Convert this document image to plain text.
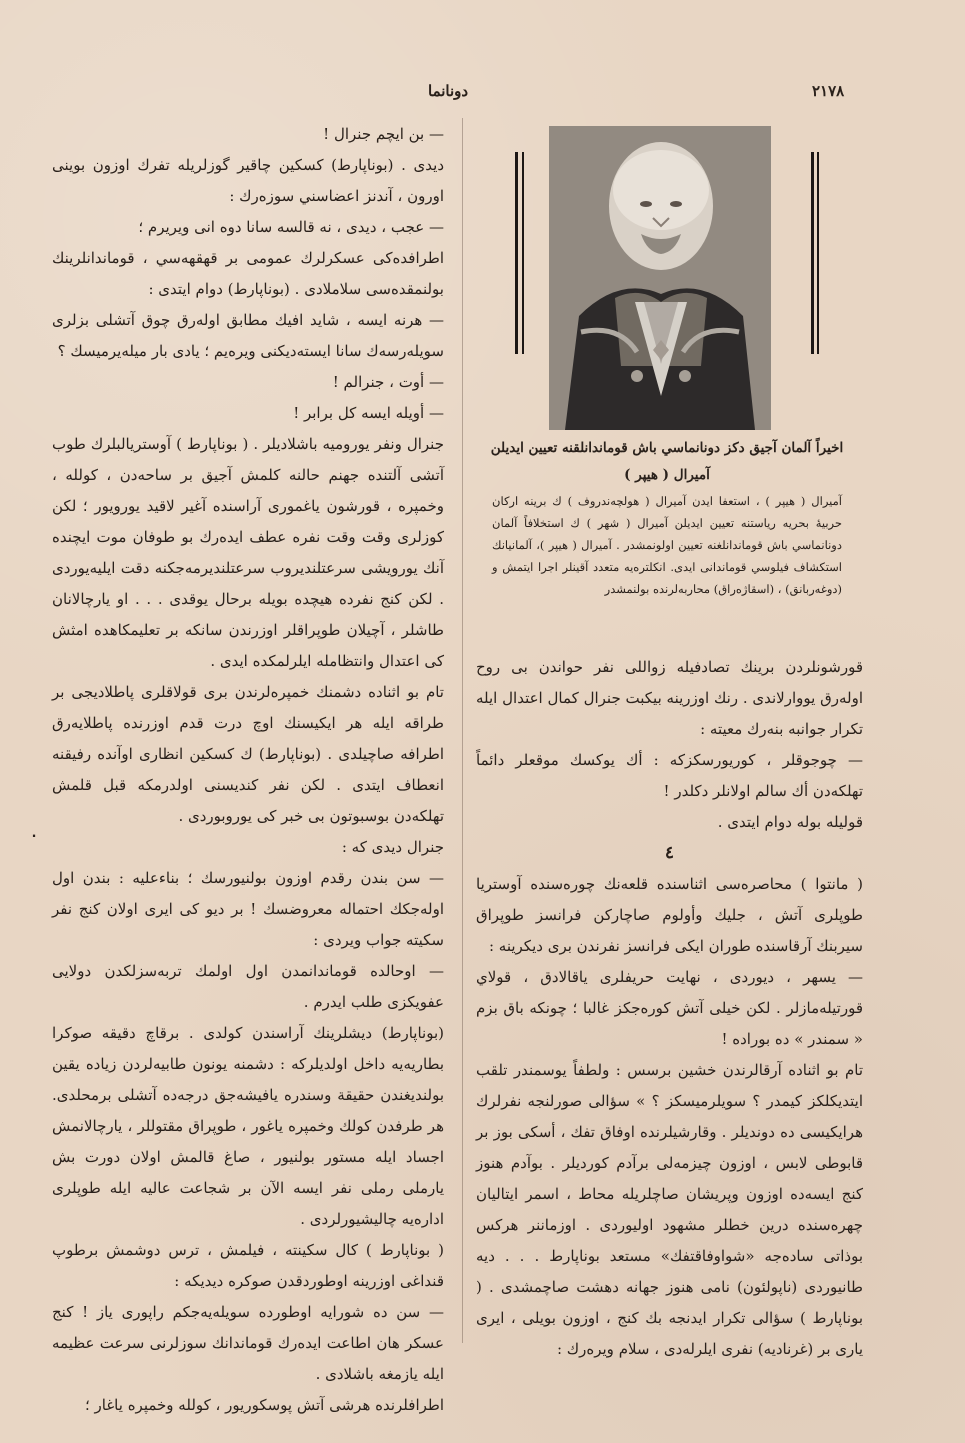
٢١٧٨
دونانما
اخيراً آلمان آجيق دكز دونانماسي باش قوماندانلقنه تعيين ايديلن
آميرال ( هيپر )
آميرال ( هيپر ) ، استعفا ايدن آميرال ( هولچه‌ندروف ) ك برينه اركان حربيهٔ بحريه رياستنه تعيين ايديلن آميرال ( شهر ) ك استخلافاً آلمان دونانماسي باش قوماندانلغنه تعيين اولونمشدر . آميرال ( هيپر )، آلمانيانك استكشاف فيلوسي قوماندانى ايدى. انكلتره‌يه متعدد آقينلر اجرا ايتمش و (دوغه‌ربانق) ، (اسقاژه‌راق) محاربه‌لرنده بولنمشدر

— بن ايچم جنرال !

ديدى . (بوناپارط) كسكين چاقير گوزلريله تفرك اوزون بوينى اورون ، آندنز اعضاسني سوزه‌رك :

— عجب ، ديدى ، نه قالسه سانا دوه انى ويريرم ؛

اطرافده‌كى عسكرلرك عمومى بر قهقهه‌سي ، قوماندانلرينك بولنمقده‌سى سلاملادى . (بوناپارط) دوام ايتدى :

— هرنه ايسه ، شايد افيك مطابق اوله‌رق چوق آتشلى بزلرى سويله‌رسه‌ك سانا ايسته‌ديكنى ويره‌يم ؛ يادى بار ميله‌يرميسك ؟

— أوت ، جنرالم !

— أويله ايسه كل برابر !

جنرال ونفر يوروميه باشلاديلر . ( بوناپارط ) آوستريالبلرك طوب آتشى آلتنده جهنم حالنه كلمش آجيق بر ساحه‌دن ، كولله ، وخمپره ، قورشون ياغمورى آراسنده آغير لاقيد يورويور ؛ لكن كوزلرى وقت وقت نفره عطف ايده‌رك بو طوفان موت ايچنده آنك يورويشى سرعتلنديروب سرعتلنديرمه‌جكنه دقت ايليه‌يوردى . لكن كنج نفرده هيچده بويله برحال يوقدى . . . او يارچالانان طاشلر ، آچيلان طوپراقلر اوزرندن سانكه بر تعليمكاهده امثش كى اعتدال وانتظامله ايلرلمكده ايدى .

تام بو اثناده دشمنك خمپره‌لرندن برى قولاقلرى پاطلاديجى بر طراقه ايله هر ايكيسنك اوچ درت قدم اوزرنده پاطلايه‌رق اطرافه صاچيلدى . (بوناپارط) ك كسكين انظارى اوآنده رفيقنه انعطاف ايتدى . لكن نفر كنديسنى اولدرمكه قبل قلمش تهلكه‌دن بوسبوتون بى خبر كى يوروبوردى .

جنرال ديدى كه :

— سن بندن رقدم اوزون بولنيورسك ؛ بناءعليه : بندن اول اوله‌جكك احتماله معروضسك ! بر ديو كى ايرى اولان كنج نفر سكيته جواب ويردى :

— اوحالده قوماندانمدن اول اولمك تربه‌سزلكدن دولايى عفويكزى طلب ايدرم .

(بوناپارط) ديشلرينك آراسندن كولدى . برقاچ دقيقه صوكرا بطاريه‌يه داخل اولديلركه : دشمنه يونون طابيه‌لردن زياده يقين بولنديغندن حقيقة وسندره يافيشه‌جق درجه‌ده آتشلى برمحلدى. هر طرفدن كولك وخمپره ياغور ، طوپراق مقتوللر ، يارچالانمش اجساد ايله مستور بولنيور ، صاغ قالمش اولان دورت بش يارملى رملى نفر ايسه الآن بر شجاعت عاليه ايله طوپلرى اداره‌يه چاليشيورلردى .

( بوناپارط ) كال سكينته ، فيلمش ، ترس دوشمش برطوپ قنداغى اوزرينه اوطوردقدن صوكره ديديكه :

— سن ده شورايه اوطورده سويله‌يه‌جكم راپورى ياز ! كنج عسكر هان اطاعت ايده‌رك قوماندانك سوزلرنى سرعت عظيمه ايله يازمغه باشلادى .

اطرافلرنده هرشى آتش پوسكوريور ، كولله وخمپره ياغار ؛

قورشونلردن برينك تصادفيله زواللى نفر حواندن بى روح اوله‌رق يووارلاندى . رنك اوزرينه بيكبت جنرال كمال اعتدال ايله تكرار جوانبه بنه‌رك معيته :

— چوجوقلر ، كوريورسكزكه : أك يوكسك موقعلر دائماً تهلكه‌دن أك سالم اولانلر دكلدر !

قوليله بوله دوام ايتدى .

٤

( مانتوا ) محاصره‌سى اثناسنده قلعه‌نك چوره‌سنده آوستريا طوپلرى آتش ، جليك وأولوم صاچاركن فرانسز طوپراق سيربنك آرقاسنده طوران ايكى فرانسز نفرندن برى ديكرينه :

— يسهر ، ديوردى ، نهايت حريفلرى ياقالادق ، قولاي قورتيله‌مازلر . لكن خيلى آتش كوره‌جكز غالبا ؛ چونكه باق بزم « سمندر » ده بوراده !

تام بو اثناده آرقالرندن خشين برسس : ولطفاً يوسمندر تلقب ايتديكلكز كيمدر ؟ سويلرميسكز ؟ » سؤالى صورلنجه نفرلرك هرايكيسى ده دونديلر . وقارشيلرنده اوفاق تفك ، أسكى بوز بر قابوطى لابس ، اوزون چيزمه‌لى برآدم كورديلر . بوآدم هنوز كنج ايسه‌ده اوزون وپريشان صاچلريله محاط ، اسمر ايتاليان چهره‌سنده درين خطلر مشهود اوليوردى . اوزماننر هركس بوذاتى ساده‌جه «شواوفاقتفك» مستعد بوناپارط . . . ديه طانيوردى (ناپولئون) نامى هنوز جهانه دهشت صاچمشدى . ( بوناپارط ) سؤالى تكرار ايدنجه بك كنج ، اوزون بويلى ، ايرى يارى بر (غرناديه) نفرى ايلرله‌دى ، سلام ويره‌رك :

٠
